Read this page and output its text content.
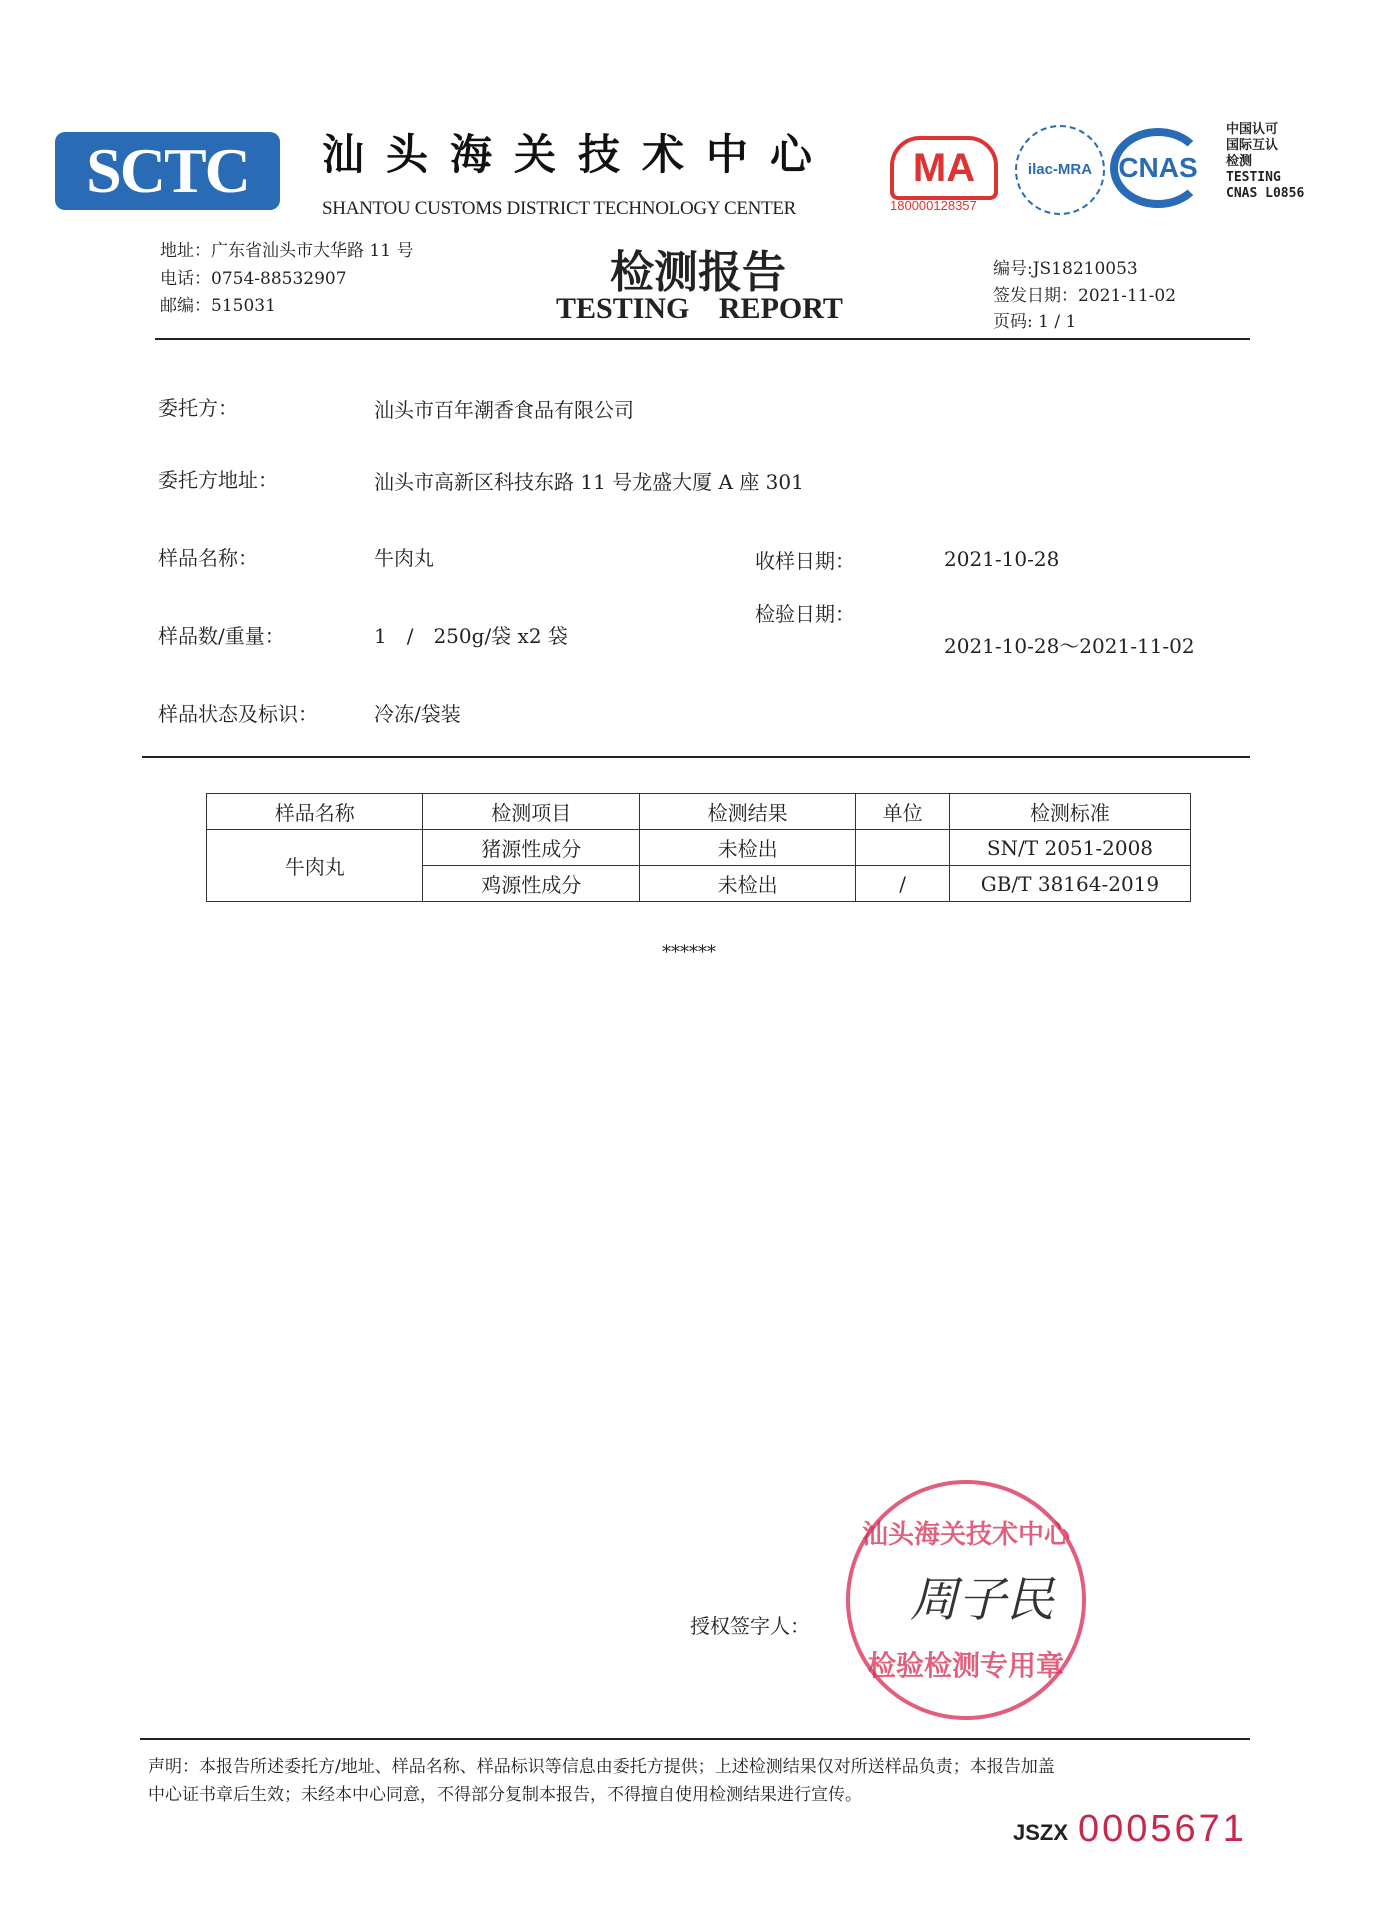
SCTC	汕头海关技术中心
SHANTOU CUSTOMS DISTRICT TECHNOLOGY CENTER
MA
180000128357
ilac-MRA CNAS
中国认可
国际互认
检测
TESTING
CNAS L0856
地址：广东省汕头市大华路 11 号
电话：0754-88532907
邮编：515031
检测报告
TESTING REPORT
编号:JS18210053
签发日期：2021-11-02
页码: 1 / 1
委托方：	汕头市百年潮香食品有限公司
委托方地址：	汕头市高新区科技东路 11 号龙盛大厦 A 座 301
样品名称：	牛肉丸	收样日期：	2021-10-28
样品数/重量：	1　/　250g/袋 x2 袋
检验日期：
2021-10-28～2021-11-02
样品状态及标识：	冷冻/袋装
样品名称	检测项目	检测结果	单位	检测标准
牛肉丸	猪源性成分	未检出		SN/T 2051-2008
	鸡源性成分	未检出	/	GB/T 38164-2019
******
授权签字人：
汕头海关技术中心
检验检测专用章
周子民
声明：本报告所述委托方/地址、样品名称、样品标识等信息由委托方提供；上述检测结果仅对所送样品负责；本报告加盖
中心证书章后生效；未经本中心同意，不得部分复制本报告，不得擅自使用检测结果进行宣传。
JSZX 0005671
